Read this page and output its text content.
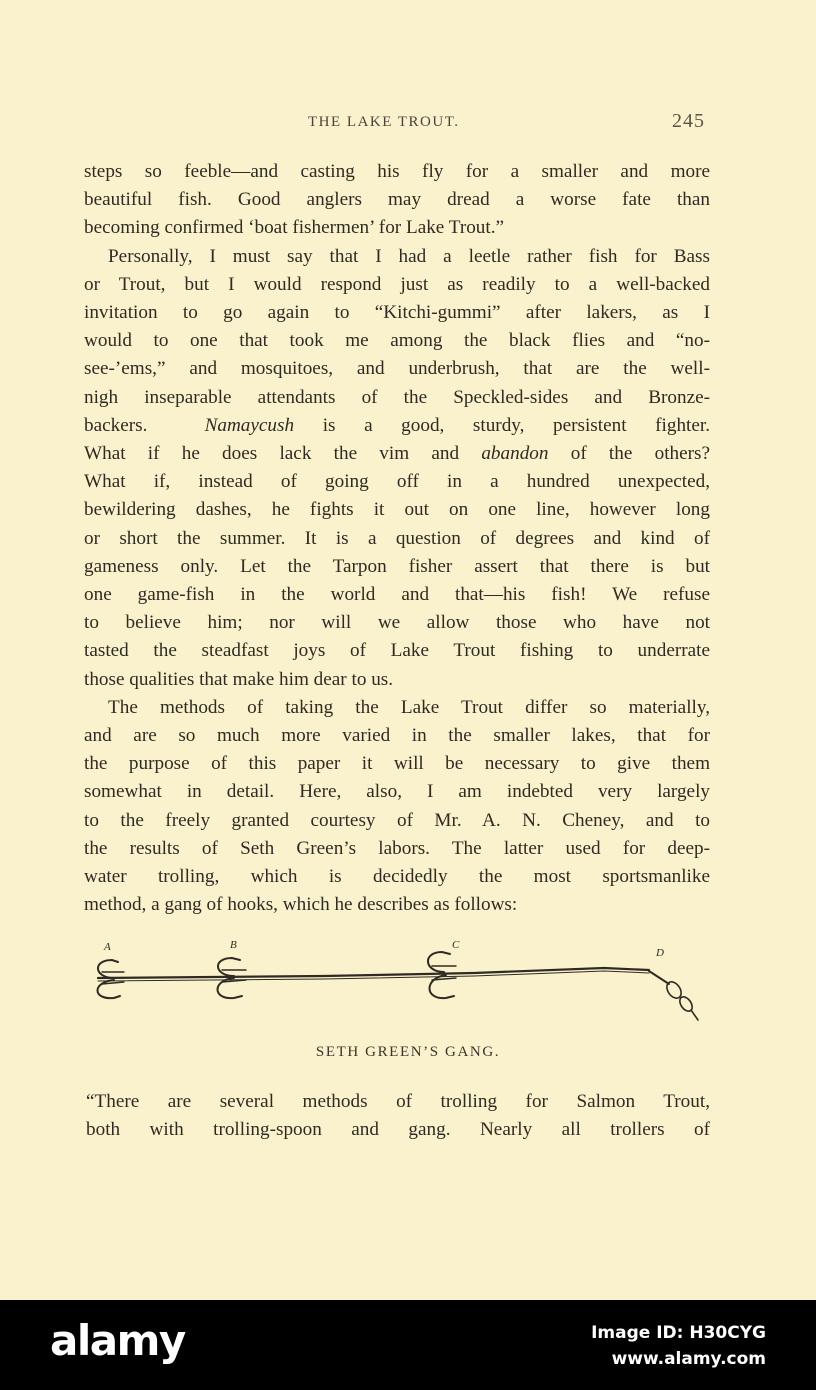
THE LAKE TROUT.	245

steps so feeble—and casting his fly for a smaller and more
beautiful fish. Good anglers may dread a worse fate than
becoming confirmed ‘boat fishermen’ for Lake Trout.”

Personally, I must say that I had a leetle rather fish for Bass
or Trout, but I would respond just as readily to a well-backed
invitation to go again to “Kitchi-gummi” after lakers, as I
would to one that took me among the black flies and “no-
see-’ems,” and mosquitoes, and underbrush, that are the well-
nigh inseparable attendants of the Speckled-sides and Bronze-
backers.	Namaycush is a good, sturdy, persistent fighter.
What if he does lack the vim and abandon of the others?
What if, instead of going off in a hundred unexpected,
bewildering dashes, he fights it out on one line, however long
or short the summer. It is a question of degrees and kind of
gameness only. Let the Tarpon fisher assert that there is but
one game-fish in the world and that—his fish! We refuse
to believe him; nor will we allow those who have not
tasted the steadfast joys of Lake Trout fishing to underrate
those qualities that make him dear to us.

The methods of taking the Lake Trout differ so materially,
and are so much more varied in the smaller lakes, that for
the purpose of this paper it will be necessary to give them
somewhat in detail. Here, also, I am indebted very largely
to the freely granted courtesy of Mr. A. N. Cheney, and to
the results of Seth Green’s labors. The latter used for deep-
water trolling, which is decidedly the most sportsmanlike
method, a gang of hooks, which he describes as follows:

A	B	C
D
SETH GREEN’S GANG.
“There are several methods of trolling for Salmon Trout,
both with trolling-spoon and gang. Nearly all trollers of
alamy	Image ID: H30CYG
www.alamy.com
